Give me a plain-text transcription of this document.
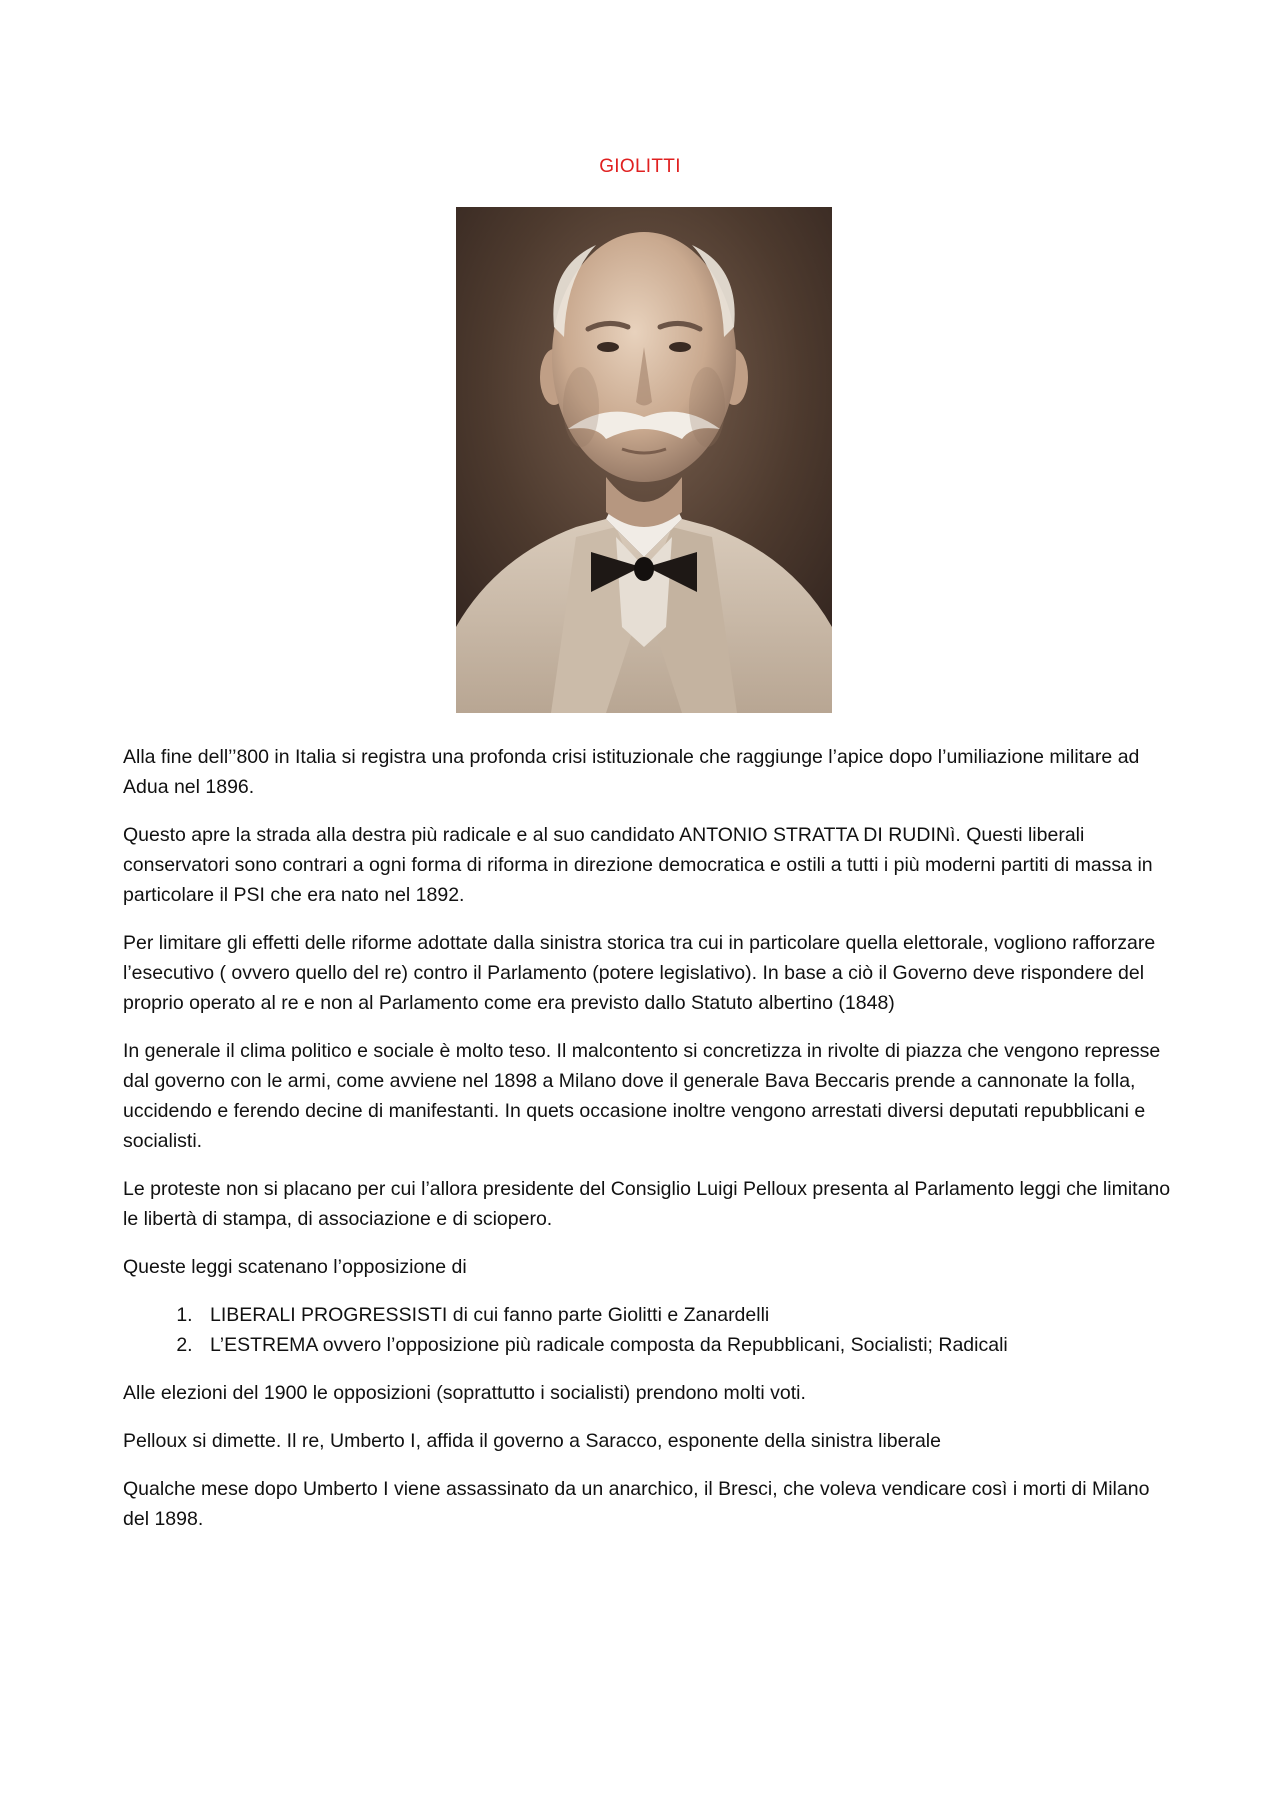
GIOLITTI

Alla fine dell’’800 in Italia si registra una profonda crisi istituzionale che raggiunge l’apice dopo l’umiliazione militare ad Adua nel 1896.

Questo apre la strada alla destra più radicale e al suo candidato ANTONIO STRATTA DI RUDINì. Questi liberali conservatori sono contrari a ogni forma di riforma in direzione democratica e ostili a tutti i più moderni partiti di massa in particolare il PSI che era nato nel 1892.

Per limitare gli effetti delle riforme adottate dalla sinistra storica tra cui in particolare quella elettorale, vogliono rafforzare l’esecutivo ( ovvero quello del re) contro il Parlamento (potere legislativo). In base a ciò il Governo deve rispondere del proprio operato al re e non al Parlamento come era previsto dallo Statuto albertino (1848)

In generale il clima politico e sociale è molto teso. Il malcontento si concretizza in rivolte di piazza che vengono represse dal governo con le armi, come avviene nel 1898 a Milano dove il generale Bava Beccaris prende a cannonate la folla, uccidendo e ferendo decine di manifestanti. In quets occasione inoltre vengono arrestati diversi deputati repubblicani e socialisti.

Le proteste non si placano per cui l’allora presidente del Consiglio Luigi Pelloux presenta al Parlamento leggi che limitano le libertà di stampa, di associazione e di sciopero.

Queste leggi scatenano l’opposizione di

1. LIBERALI PROGRESSISTI di cui fanno parte Giolitti e Zanardelli
2. L’ESTREMA ovvero l’opposizione più radicale composta da Repubblicani, Socialisti; Radicali

Alle elezioni del 1900 le opposizioni (soprattutto i socialisti) prendono molti voti.

Pelloux si dimette. Il re, Umberto I, affida il governo a Saracco, esponente della sinistra liberale

Qualche mese dopo Umberto I viene assassinato da un anarchico, il Bresci, che voleva vendicare così i morti di Milano del 1898.
